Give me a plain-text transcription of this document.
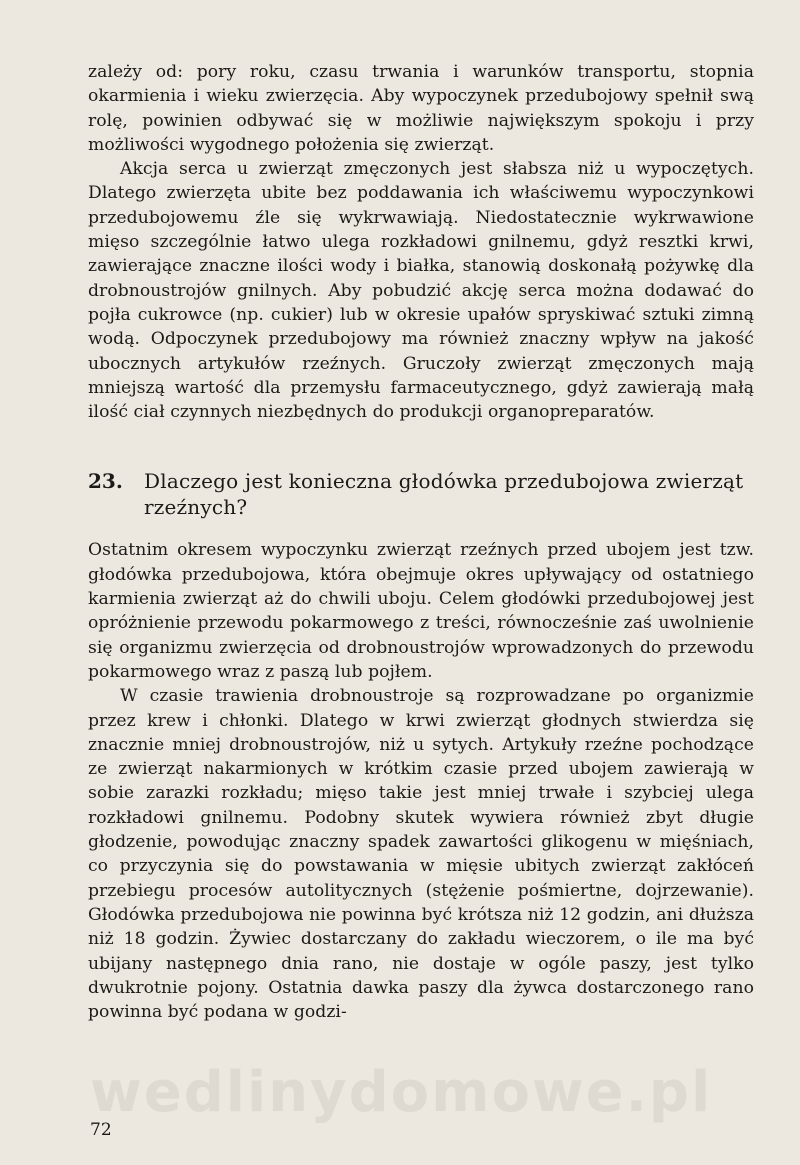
zależy od: pory roku, czasu trwania i warunków transportu, stopnia okarmienia i wieku zwierzęcia. Aby wypoczynek przedubojowy spełnił swą rolę, powinien odbywać się w możliwie największym spokoju i przy możliwości wygodnego położenia się zwierząt.

Akcja serca u zwierząt zmęczonych jest słabsza niż u wypoczętych. Dlatego zwierzęta ubite bez poddawania ich właściwemu wypoczynkowi przedubojowemu źle się wykrwawiają. Niedostatecznie wykrwawione mięso szczególnie łatwo ulega rozkładowi gnilnemu, gdyż resztki krwi, zawierające znaczne ilości wody i białka, stanowią doskonałą pożywkę dla drobnoustrojów gnilnych. Aby pobudzić akcję serca można dodawać do pojła cukrowce (np. cukier) lub w okresie upałów spryskiwać sztuki zimną wodą. Odpoczynek przedubojowy ma również znaczny wpływ na jakość ubocznych artykułów rzeźnych. Gruczoły zwierząt zmęczonych mają mniejszą wartość dla przemysłu farmaceutycznego, gdyż zawierają małą ilość ciał czynnych niezbędnych do produkcji organopreparatów.

23.	Dlaczego jest konieczna głodówka przedubojowa zwierząt rzeźnych?

Ostatnim okresem wypoczynku zwierząt rzeźnych przed ubojem jest tzw. głodówka przedubojowa, która obejmuje okres upływający od ostatniego karmienia zwierząt aż do chwili uboju. Celem głodówki przedubojowej jest opróżnienie przewodu pokarmowego z treści, równocześnie zaś uwolnienie się organizmu zwierzęcia od drobnoustrojów wprowadzonych do przewodu pokarmowego wraz z paszą lub pojłem.

W czasie trawienia drobnoustroje są rozprowadzane po organizmie przez krew i chłonki. Dlatego w krwi zwierząt głodnych stwierdza się znacznie mniej drobnoustrojów, niż u sytych. Artykuły rzeźne pochodzące ze zwierząt nakarmionych w krótkim czasie przed ubojem zawierają w sobie zarazki rozkładu; mięso takie jest mniej trwałe i szybciej ulega rozkładowi gnilnemu. Podobny skutek wywiera również zbyt długie głodzenie, powodując znaczny spadek zawartości glikogenu w mięśniach, co przyczynia się do powstawania w mięsie ubitych zwierząt zakłóceń przebiegu procesów autolitycznych (stężenie pośmiertne, dojrzewanie). Głodówka przedubojowa nie powinna być krótsza niż 12 godzin, ani dłuższa niż 18 godzin. Żywiec dostarczany do zakładu wieczorem, o ile ma być ubijany następnego dnia rano, nie dostaje w ogóle paszy, jest tylko dwukrotnie pojony. Ostatnia dawka paszy dla żywca dostarczonego rano powinna być podana w godzi-

wedlinydomowe.pl
72
